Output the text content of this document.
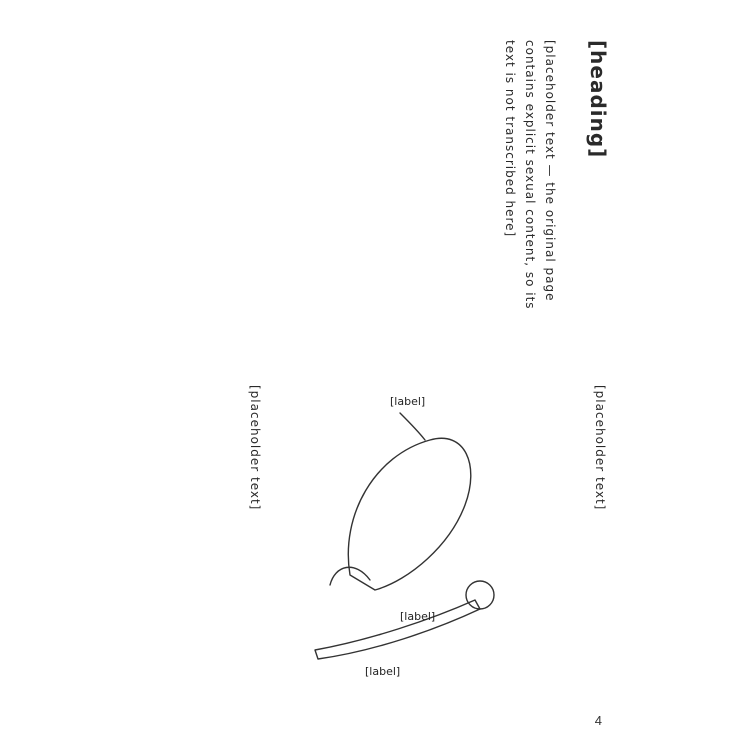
[heading]
[placeholder text — the original page contains explicit sexual content, so its text is not transcribed here]
[placeholder text]
[placeholder text]	[label]
[label]
[label]
4
